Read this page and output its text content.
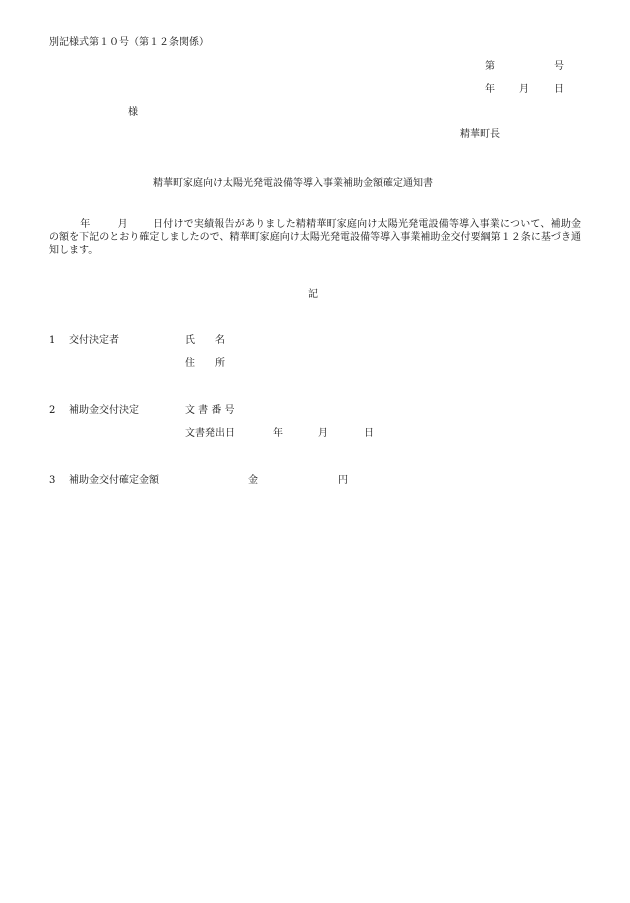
別記様式第１０号（第１２条関係）
第	号
年 月	日
様
精華町長
精華町家庭向け太陽光発電設備等導入事業補助金額確定通知書
年	月	日付けで実績報告がありました精精華町家庭向け太陽光発電設備等導入事業について、補助金の額を下記のとおり確定しましたので、精華町家庭向け太陽光発電設備等導入事業補助金交付要綱第１２条に基づき通知します。
記
1 交付決定者	氏　　名
住　　所
2 補助金交付決定	文 書 番 号
文書発出日	年	月	日
3 補助金交付確定金額	金	円
